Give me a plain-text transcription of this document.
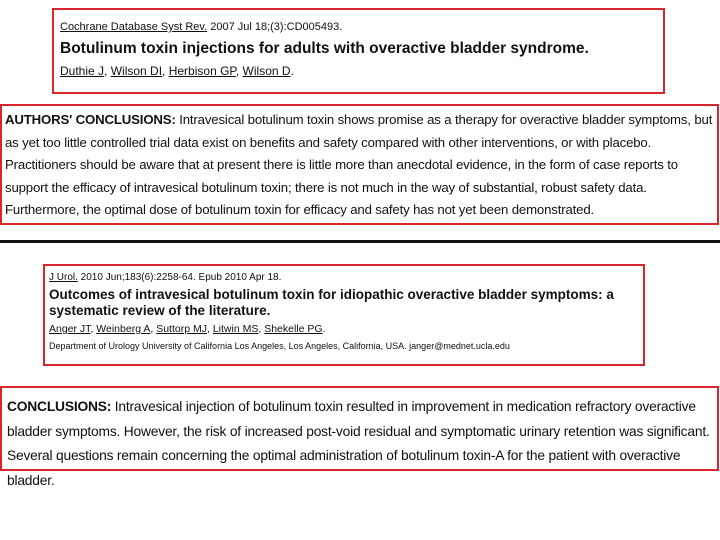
Cochrane Database Syst Rev. 2007 Jul 18;(3):CD005493.
Botulinum toxin injections for adults with overactive bladder syndrome.
Duthie J, Wilson DI, Herbison GP, Wilson D.

AUTHORS' CONCLUSIONS: Intravesical botulinum toxin shows promise as a therapy for overactive bladder symptoms, but as yet too little controlled trial data exist on benefits and safety compared with other interventions, or with placebo. Practitioners should be aware that at present there is little more than anecdotal evidence, in the form of case reports to support the efficacy of intravesical botulinum toxin; there is not much in the way of substantial, robust safety data. Furthermore, the optimal dose of botulinum toxin for efficacy and safety has not yet been demonstrated.

J Urol. 2010 Jun;183(6):2258-64. Epub 2010 Apr 18.
Outcomes of intravesical botulinum toxin for idiopathic overactive bladder symptoms: a systematic review of the literature.
Anger JT, Weinberg A, Suttorp MJ, Litwin MS, Shekelle PG.
Department of Urology University of California Los Angeles, Los Angeles, California, USA. janger@mednet.ucla.edu

CONCLUSIONS: Intravesical injection of botulinum toxin resulted in improvement in medication refractory overactive bladder symptoms. However, the risk of increased post-void residual and symptomatic urinary retention was significant. Several questions remain concerning the optimal administration of botulinum toxin-A for the patient with overactive bladder.
